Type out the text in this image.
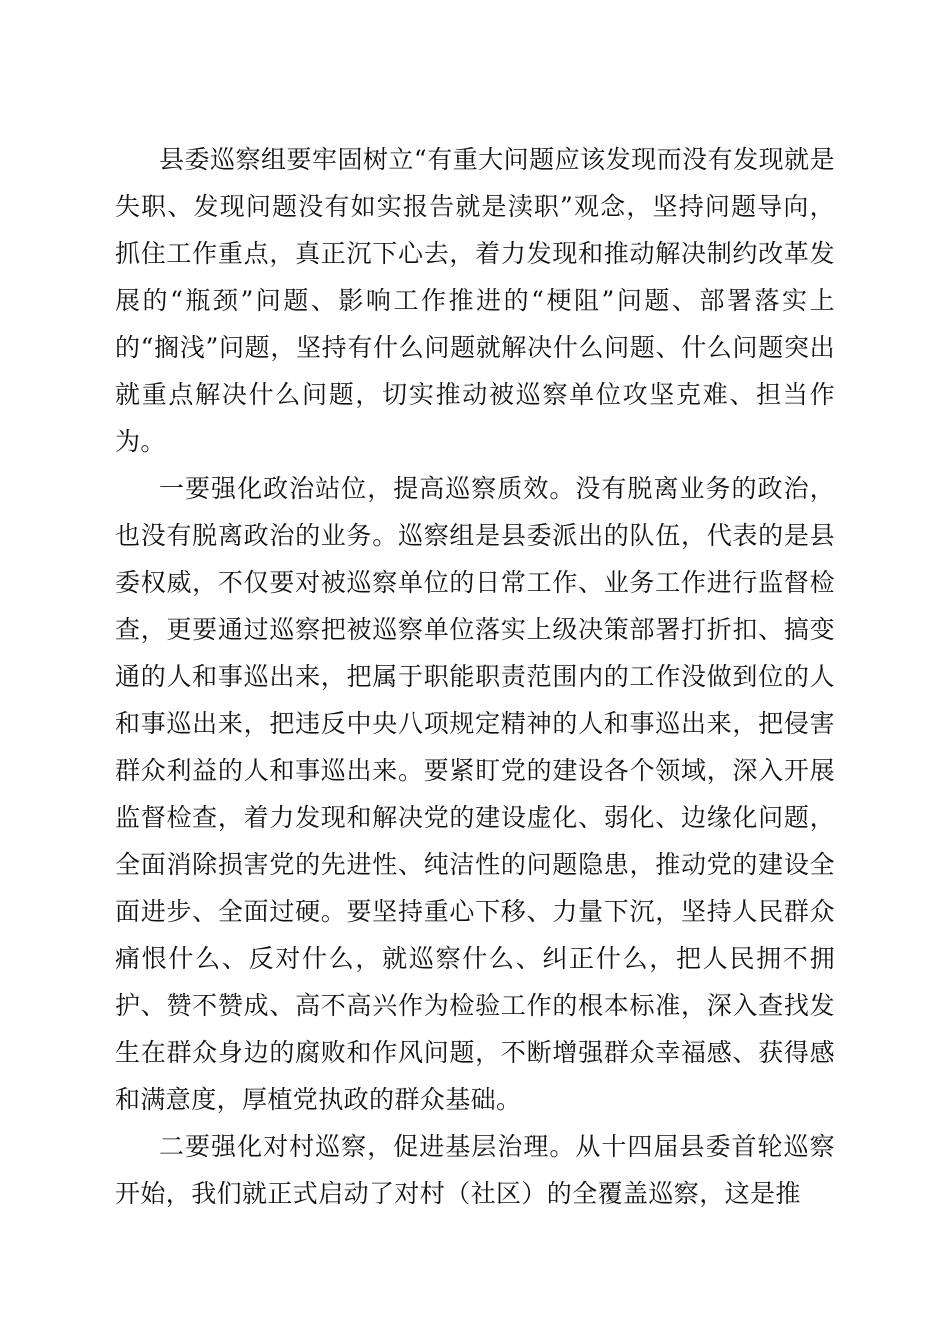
县委巡察组要牢固树立“有重大问题应该发现而没有发现就是失职、发现问题没有如实报告就是渎职”观念，坚持问题导向，抓住工作重点，真正沉下心去，着力发现和推动解决制约改革发展的“瓶颈”问题、影响工作推进的“梗阻”问题、部署落实上的“搁浅”问题，坚持有什么问题就解决什么问题、什么问题突出就重点解决什么问题，切实推动被巡察单位攻坚克难、担当作为。

一要强化政治站位，提高巡察质效。没有脱离业务的政治，也没有脱离政治的业务。巡察组是县委派出的队伍，代表的是县委权威，不仅要对被巡察单位的日常工作、业务工作进行监督检查，更要通过巡察把被巡察单位落实上级决策部署打折扣、搞变通的人和事巡出来，把属于职能职责范围内的工作没做到位的人和事巡出来，把违反中央八项规定精神的人和事巡出来，把侵害群众利益的人和事巡出来。要紧盯党的建设各个领域，深入开展监督检查，着力发现和解决党的建设虚化、弱化、边缘化问题，全面消除损害党的先进性、纯洁性的问题隐患，推动党的建设全面进步、全面过硬。要坚持重心下移、力量下沉，坚持人民群众痛恨什么、反对什么，就巡察什么、纠正什么，把人民拥不拥护、赞不赞成、高不高兴作为检验工作的根本标准，深入查找发生在群众身边的腐败和作风问题，不断增强群众幸福感、获得感和满意度，厚植党执政的群众基础。

二要强化对村巡察，促进基层治理。从十四届县委首轮巡察开始，我们就正式启动了对村（社区）的全覆盖巡察，这是推
